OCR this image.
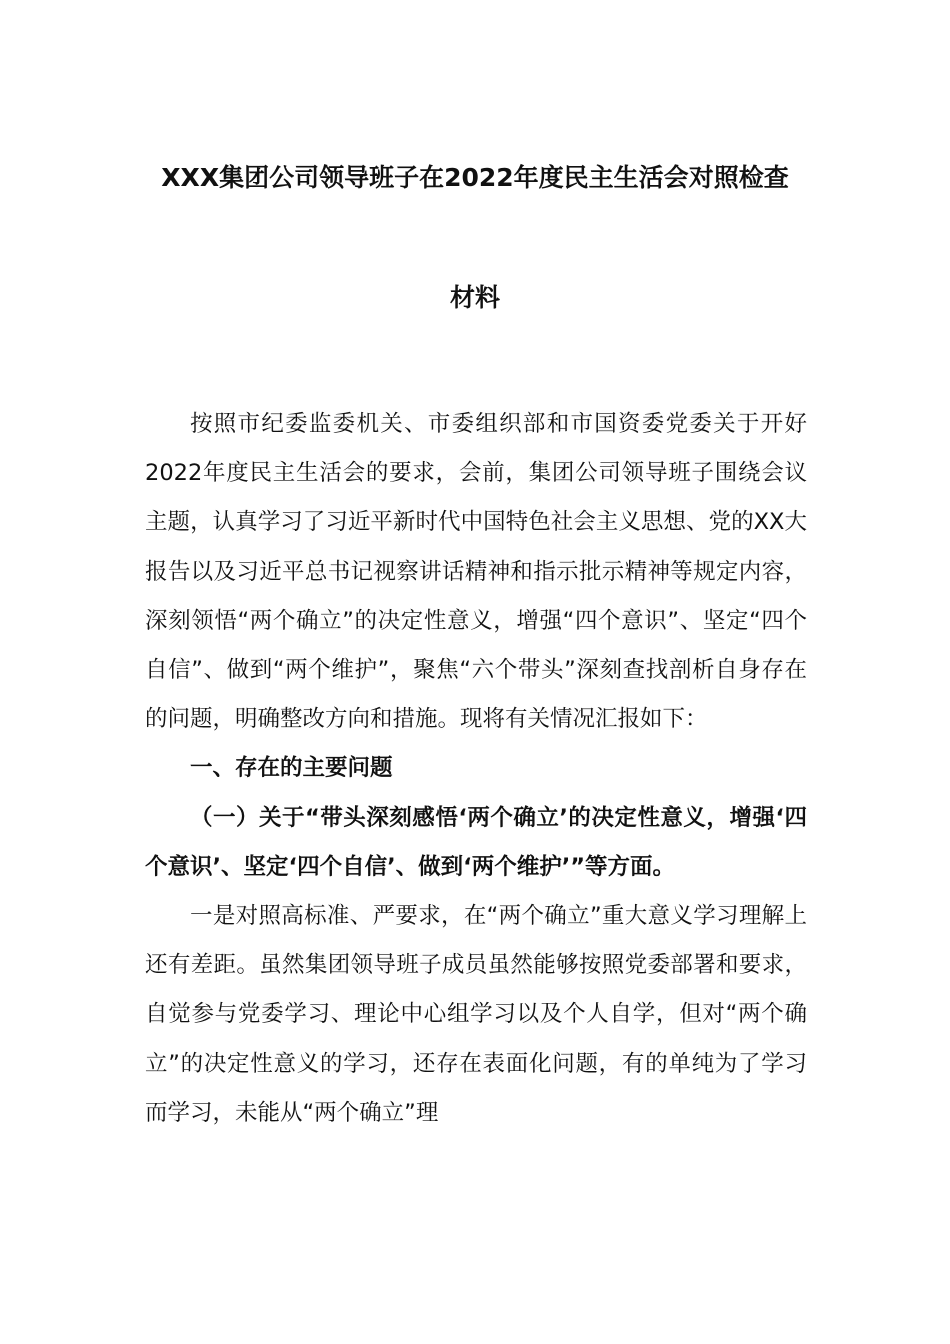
XXX集团公司领导班子在2022年度民主生活会对照检查
材料

按照市纪委监委机关、市委组织部和市国资委党委关于开好2022年度民主生活会的要求，会前，集团公司领导班子围绕会议主题，认真学习了习近平新时代中国特色社会主义思想、党的XX大报告以及习近平总书记视察讲话精神和指示批示精神等规定内容，深刻领悟“两个确立”的决定性意义，增强“四个意识”、坚定“四个自信”、做到“两个维护”，聚焦“六个带头”深刻查找剖析自身存在的问题，明确整改方向和措施。现将有关情况汇报如下：

一、存在的主要问题

（一）关于“带头深刻感悟‘两个确立’的决定性意义，增强‘四个意识’、坚定‘四个自信’、做到‘两个维护’”等方面。

一是对照高标准、严要求，在“两个确立”重大意义学习理解上还有差距。虽然集团领导班子成员虽然能够按照党委部署和要求，自觉参与党委学习、理论中心组学习以及个人自学，但对“两个确立”的决定性意义的学习，还存在表面化问题，有的单纯为了学习而学习，未能从“两个确立”理
